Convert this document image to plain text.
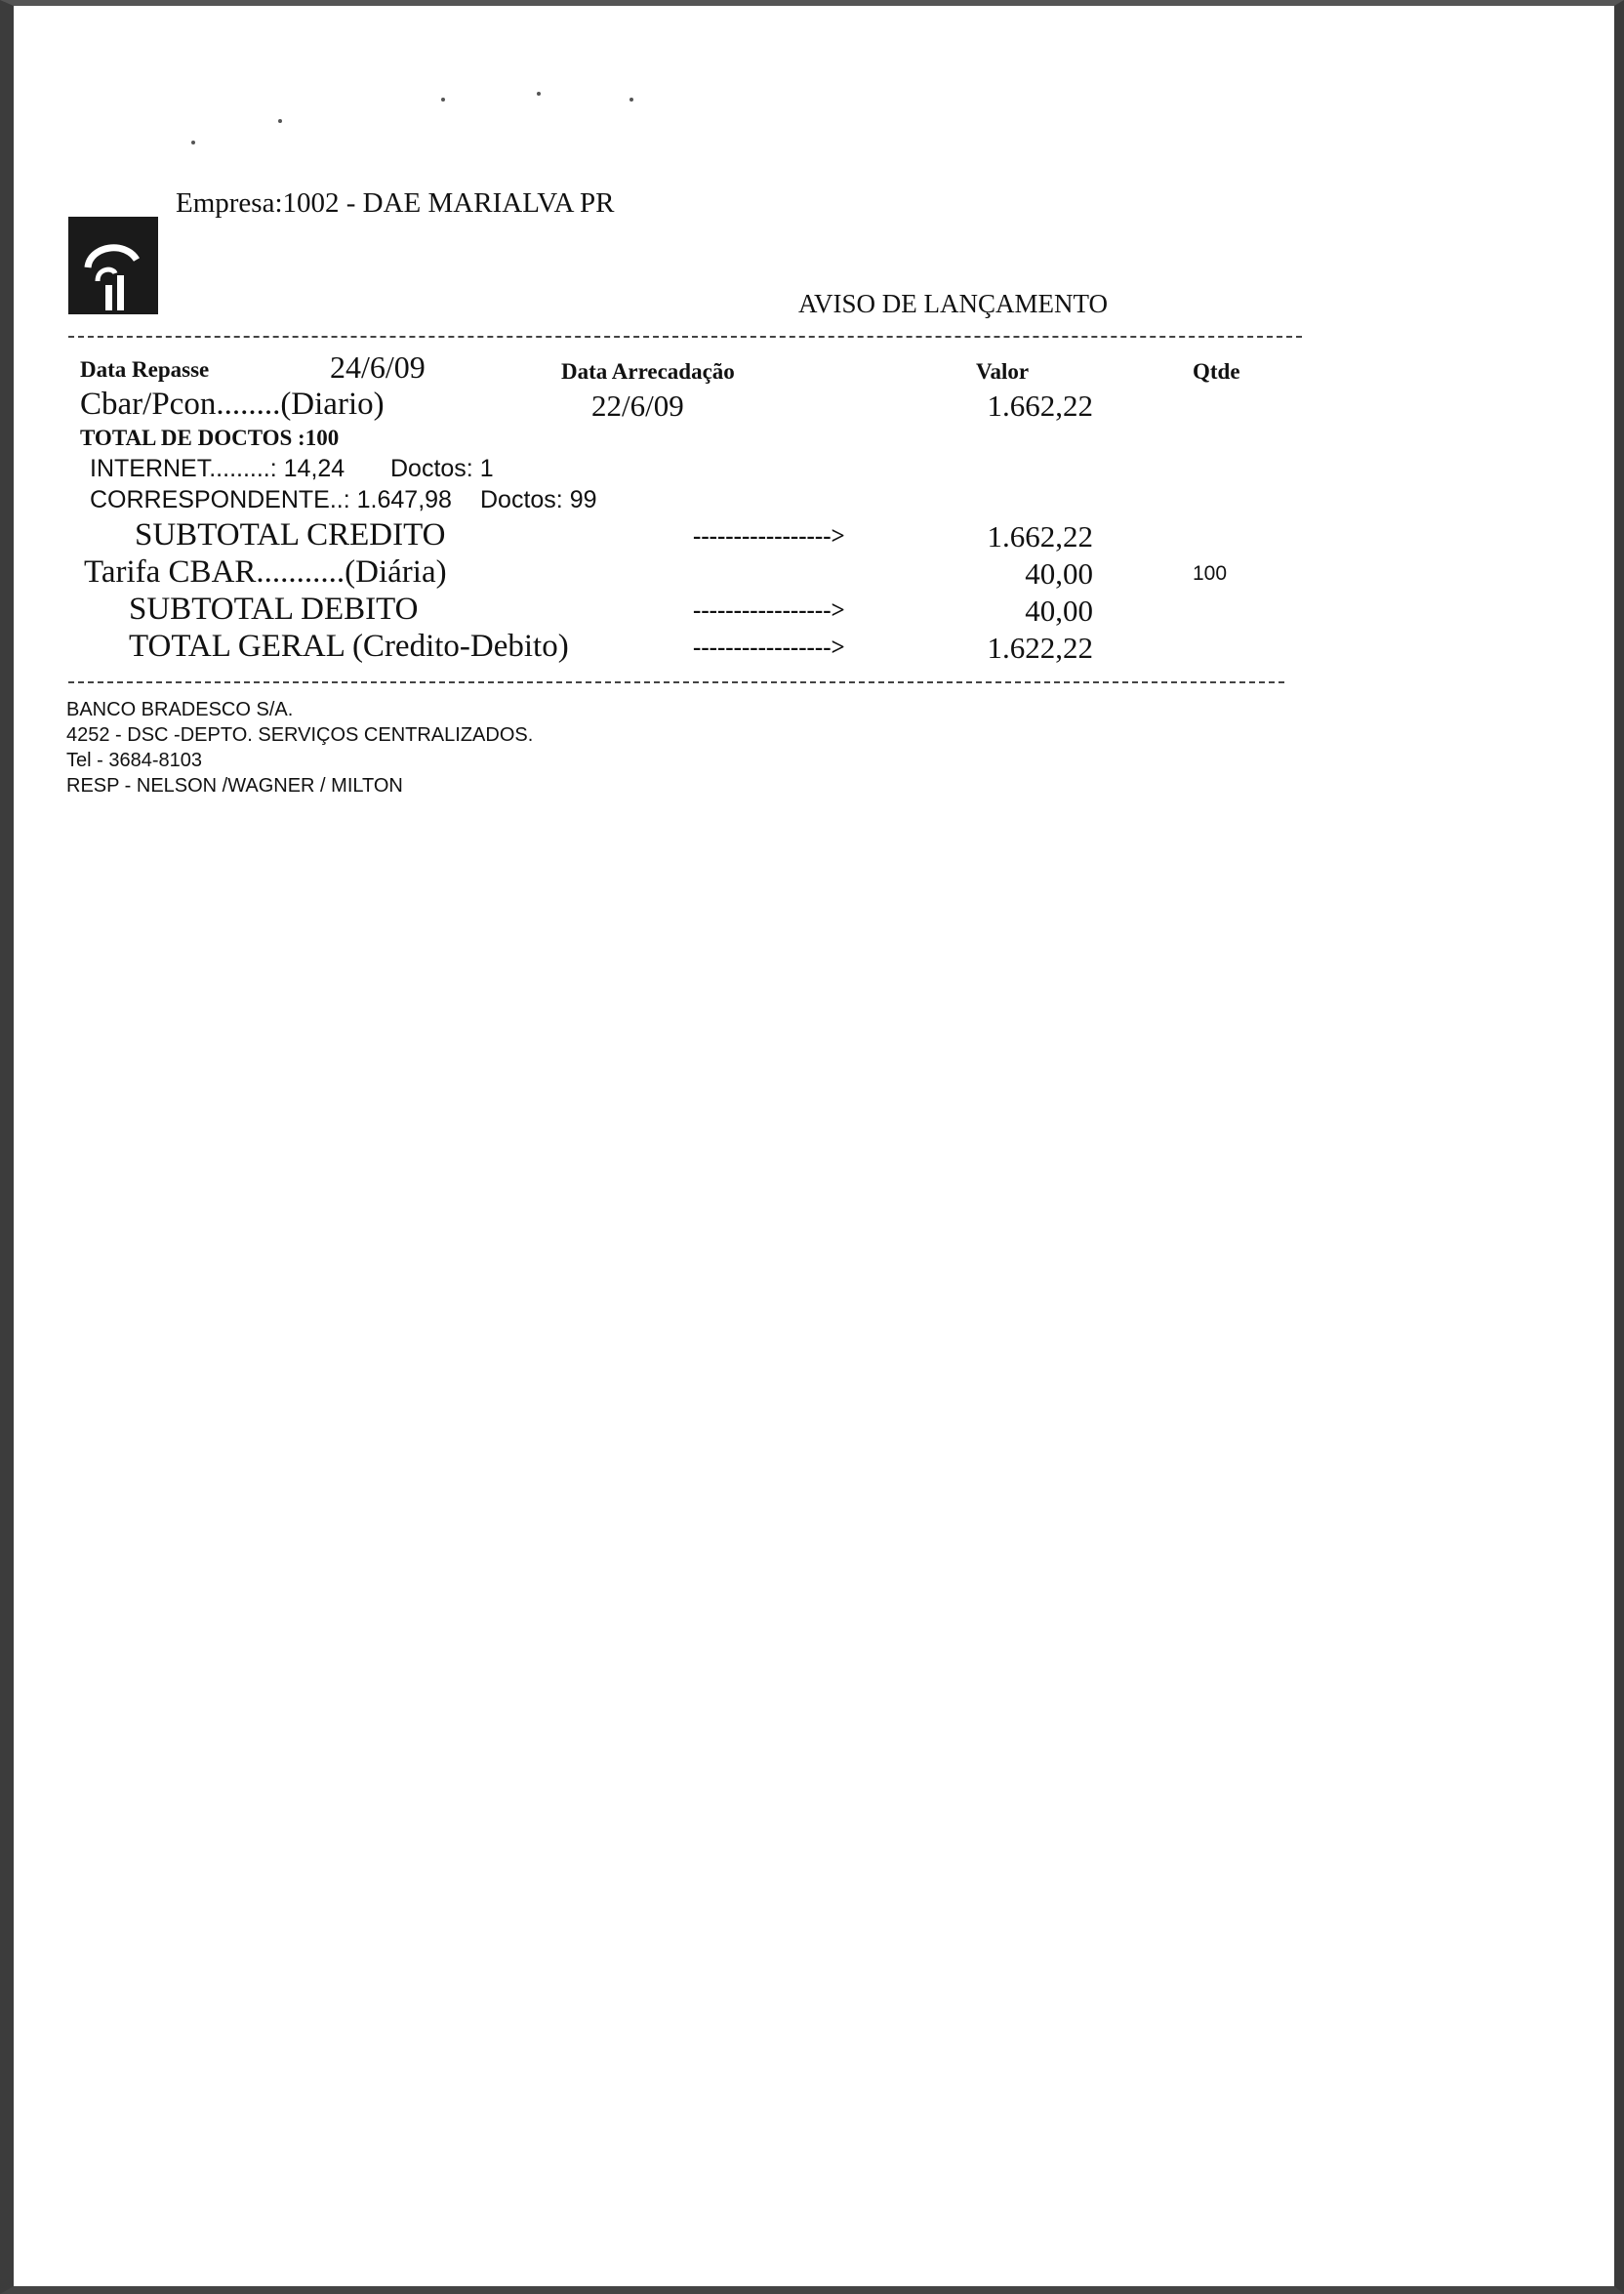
Empresa:1002 - DAE MARIALVA PR
AVISO DE LANÇAMENTO
Data Repasse	24/6/09	Data Arrecadação	Valor	Qtde
Cbar/Pcon........(Diario)	22/6/09	1.662,22
TOTAL DE DOCTOS :100
INTERNET.........: 14,24 Doctos: 1
CORRESPONDENTE..: 1.647,98 Doctos: 99
SUBTOTAL CREDITO	----------------->	1.662,22
Tarifa CBAR...........(Diária)	40,00	100
SUBTOTAL DEBITO	----------------->	40,00
TOTAL GERAL (Credito-Debito)	----------------->	1.622,22
BANCO BRADESCO S/A.
4252 - DSC -DEPTO. SERVIÇOS CENTRALIZADOS.
Tel - 3684-8103
RESP - NELSON /WAGNER / MILTON
